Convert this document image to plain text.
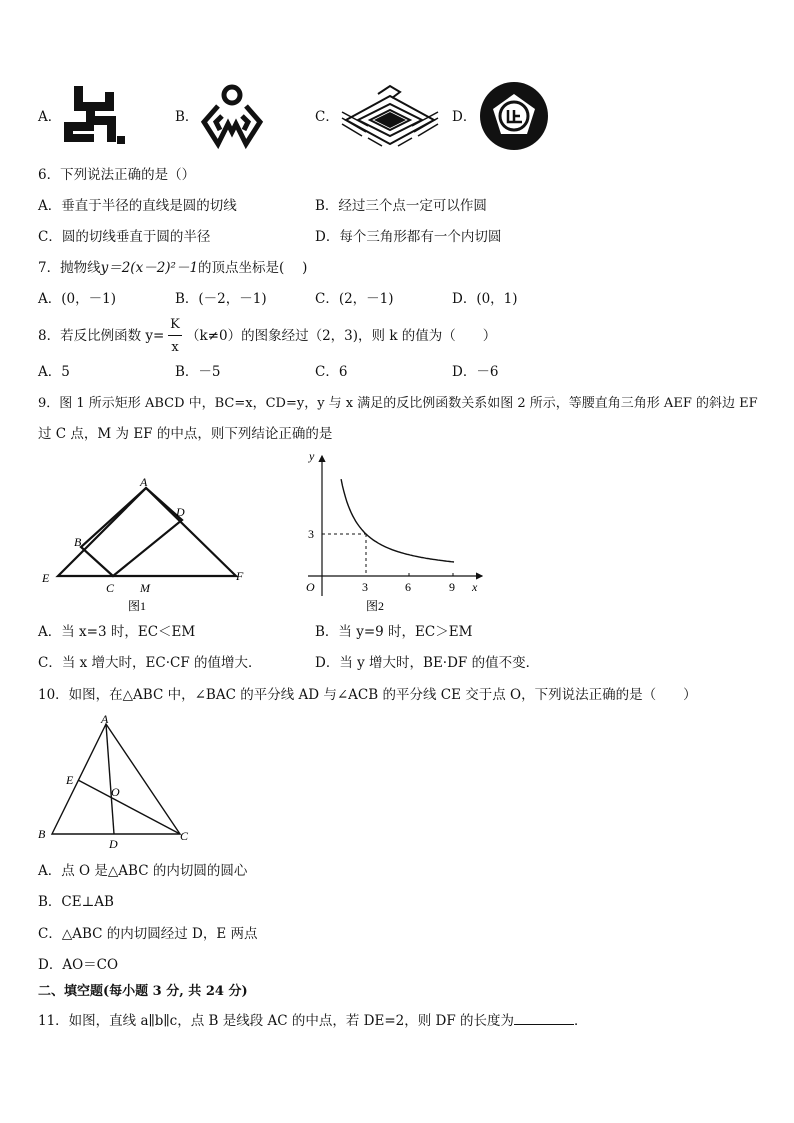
A．	B．	C．	D．
6．下列说法正确的是（）
A．垂直于半径的直线是圆的切线	B．经过三个点一定可以作圆
C．圆的切线垂直于圆的半径	D．每个三角形都有一个内切圆
7．抛物线y＝2(x－2)²－1的顶点坐标是(　 )
A．(0，－1)	B．(－2，－1)	C．(2，－1)	D．(0，1)
8．若反比例函数 y=
K
x
（k≠0）的图象经过（2，3)，则 k 的值为（　　）
A．5	B．－5	C．6	D．－6
9．图 1 所示矩形 ABCD 中，BC=x，CD=y，y 与 x 满足的反比例函数关系如图 2 所示，等腰直角三角形 AEF 的斜边 EF
过 C 点，M 为 EF 的中点，则下列结论正确的是
A
D
B
E
C M
F
图1
y
x
O
3
3	6	9
图2
A．当 x=3 时，EC＜EM	B．当 y=9 时，EC＞EM
C．当 x 增大时，EC·CF 的值增大．	D．当 y 增大时，BE·DF 的值不变．
10．如图，在△ABC 中，∠BAC 的平分线 AD 与∠ACB 的平分线 CE 交于点 O，下列说法正确的是（　　）
A
E
O
B
D
C
A．点 O 是△ABC 的内切圆的圆心
B．CE⊥AB
C．△ABC 的内切圆经过 D，E 两点
D．AO＝CO
二、填空题(每小题 3 分, 共 24 分)
11．如图，直线 a∥b∥c，点 B 是线段 AC 的中点，若 DE=2，则 DF 的长度为	．
